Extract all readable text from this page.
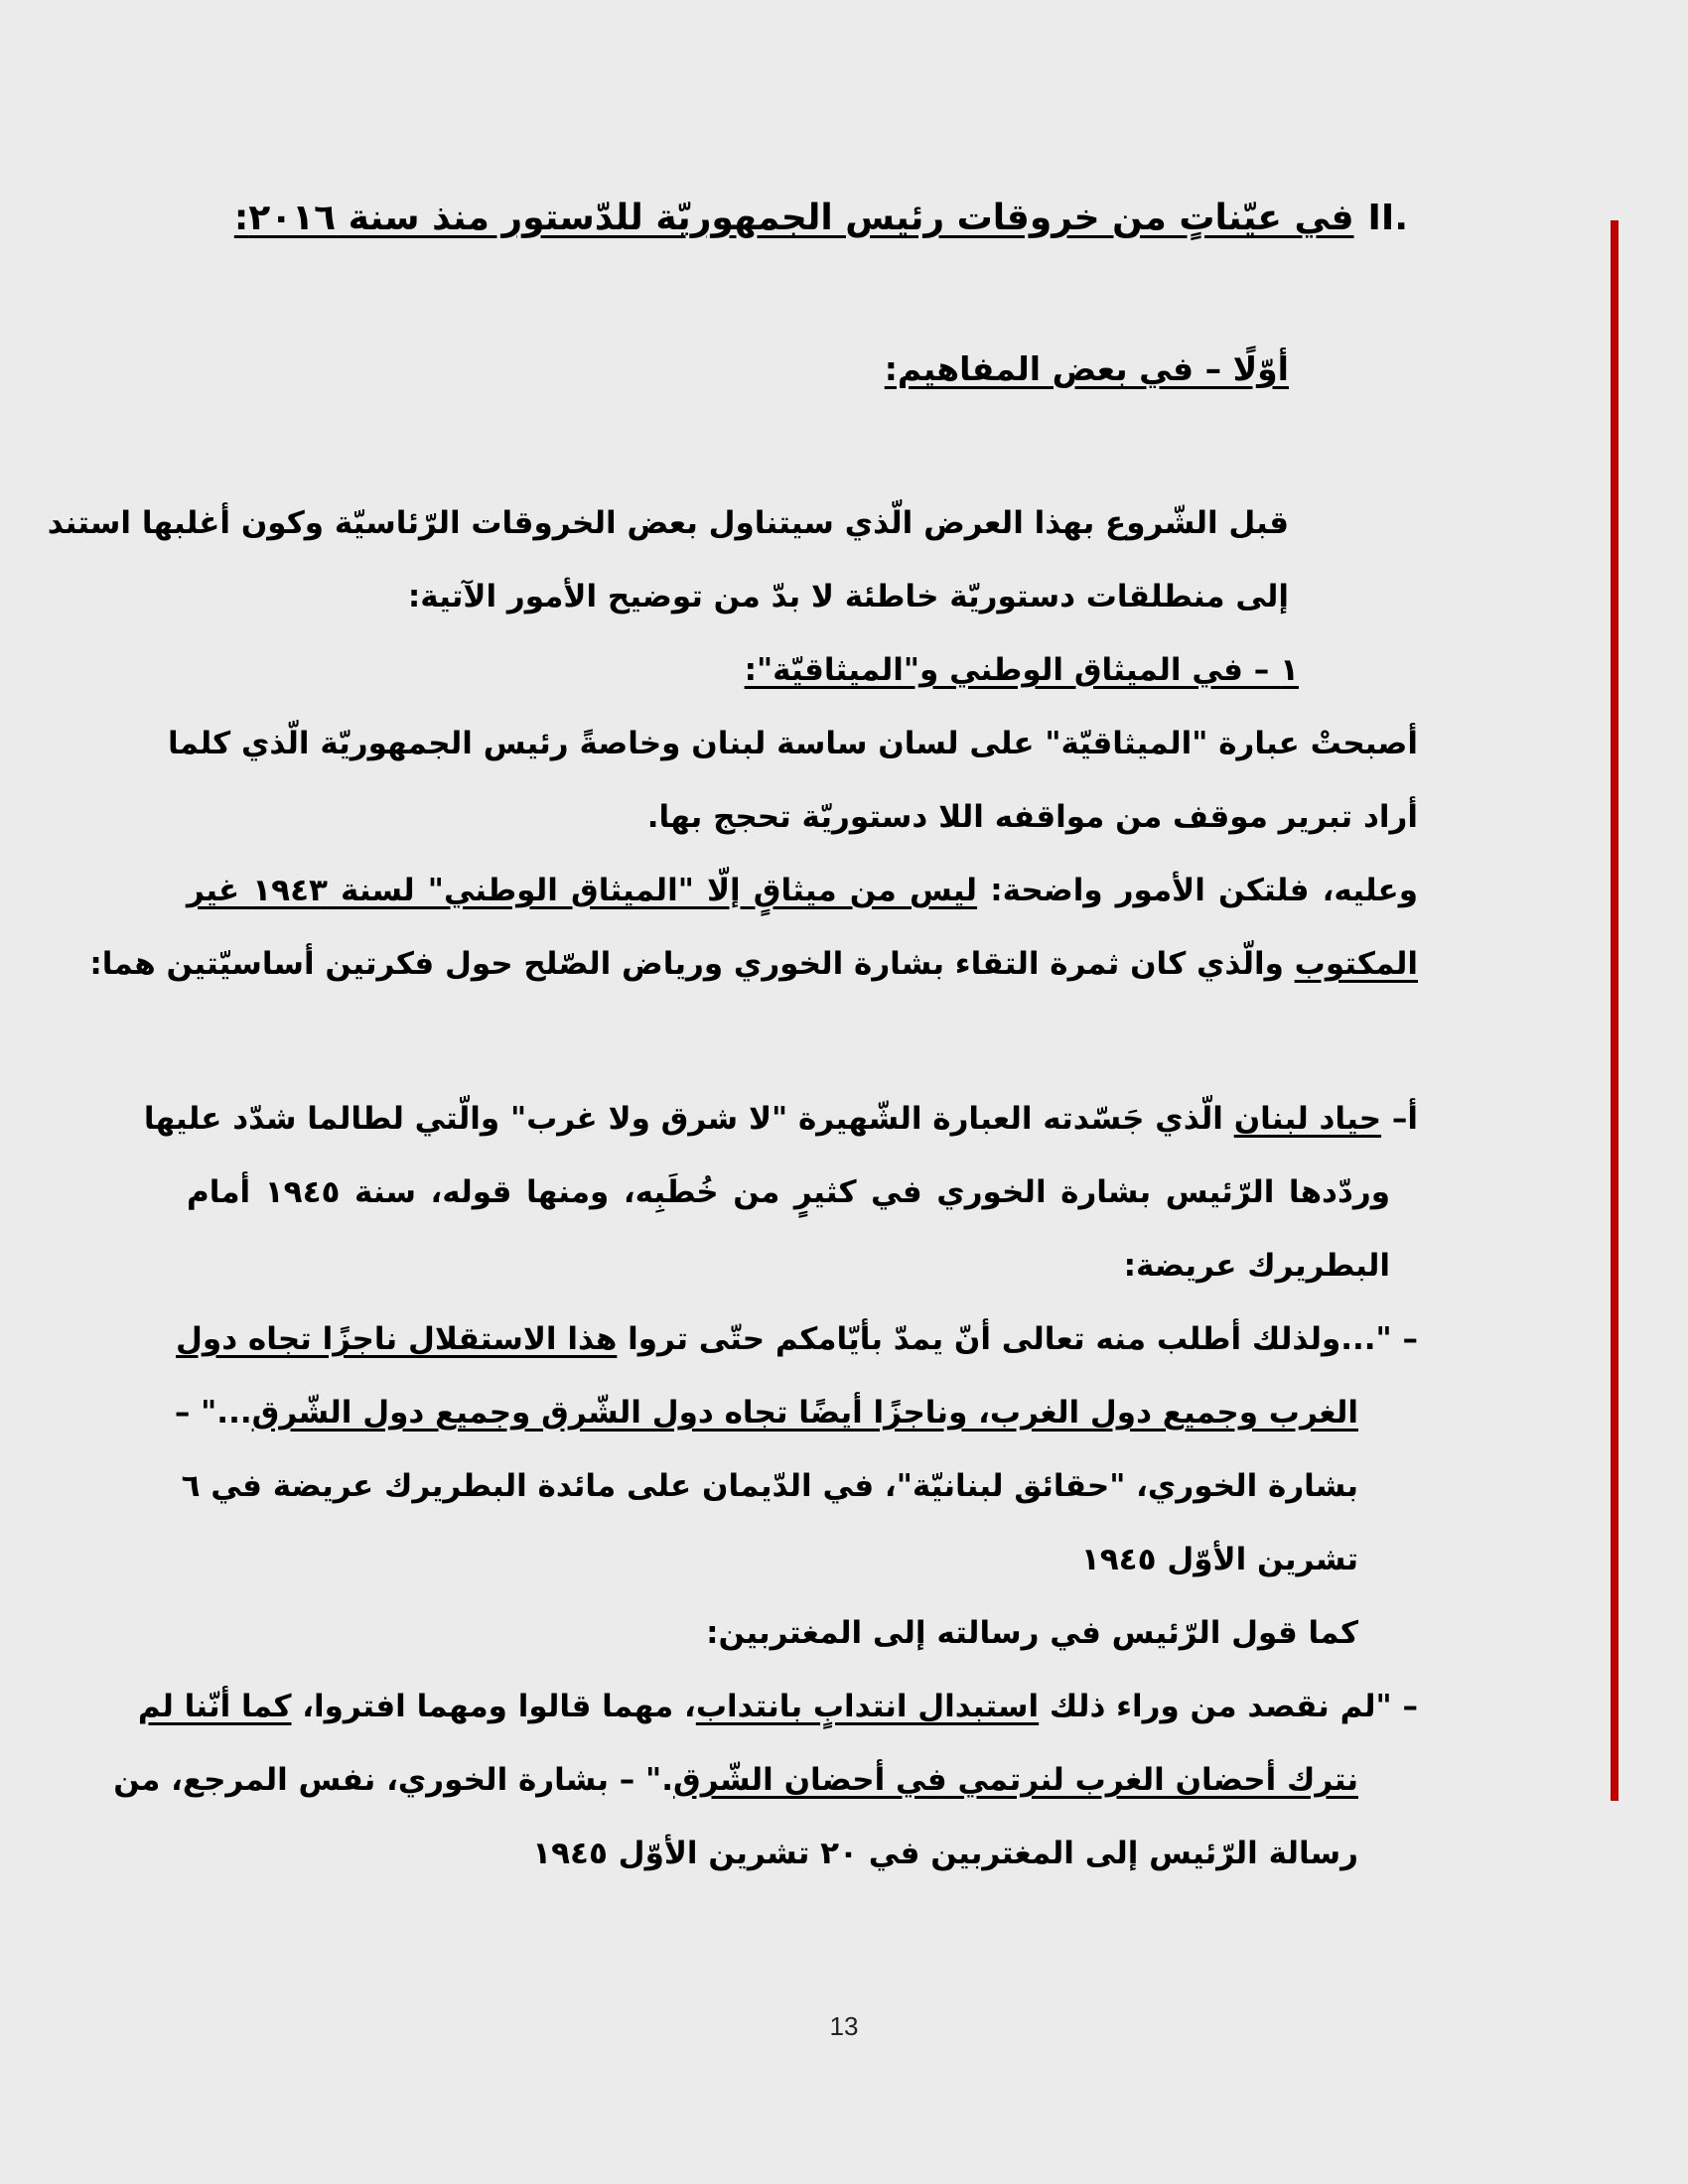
II.في عيّناتٍ من خروقات رئيس الجمهوريّة للدّستور منذ سنة ٢٠١٦:
أوّلًا – في بعض المفاهيم:

قبل الشّروع بهذا العرض الّذي سيتناول بعض الخروقات الرّئاسيّة وكون أغلبها استند

إلى منطلقات دستوريّة خاطئة لا بدّ من توضيح الأمور الآتية:

١ – في الميثاق الوطني و"الميثاقيّة":

أصبحتْ عبارة "الميثاقيّة" على لسان ساسة لبنان وخاصةً رئيس الجمهوريّة الّذي كلما

أراد تبرير موقف من مواقفه اللا دستوريّة تحجج بها.

وعليه، فلتكن الأمور واضحة: ليس من ميثاقٍ إلّا "الميثاق الوطني" لسنة ١٩٤٣ غير

المكتوب والّذي كان ثمرة التقاء بشارة الخوري ورياض الصّلح حول فكرتين أساسيّتين هما:

أ– حياد لبنان الّذي جَسّدته العبارة الشّهيرة "لا شرق ولا غرب" والّتي لطالما شدّد عليها

وردّدها الرّئيس بشارة الخوري في كثيرٍ من خُطَبِه، ومنها قوله، سنة ١٩٤٥ أمام

البطريرك عريضة:

– "...ولذلك أطلب منه تعالى أنّ يمدّ بأيّامكم حتّى تروا هذا الاستقلال ناجزًا تجاه دول

الغرب وجميع دول الغرب، وناجزًا أيضًا تجاه دول الشّرق وجميع دول الشّرق..." –

بشارة الخوري، "حقائق لبنانيّة"، في الدّيمان على مائدة البطريرك عريضة في ٦

تشرين الأوّل ١٩٤٥

كما قول الرّئيس في رسالته إلى المغتربين:

– "لم نقصد من وراء ذلك استبدال انتدابٍ بانتداب، مهما قالوا ومهما افتروا، كما أنّنا لم

نترك أحضان الغرب لنرتمي في أحضان الشّرق." – بشارة الخوري، نفس المرجع، من

رسالة الرّئيس إلى المغتربين في ٢٠ تشرين الأوّل ١٩٤٥

13
